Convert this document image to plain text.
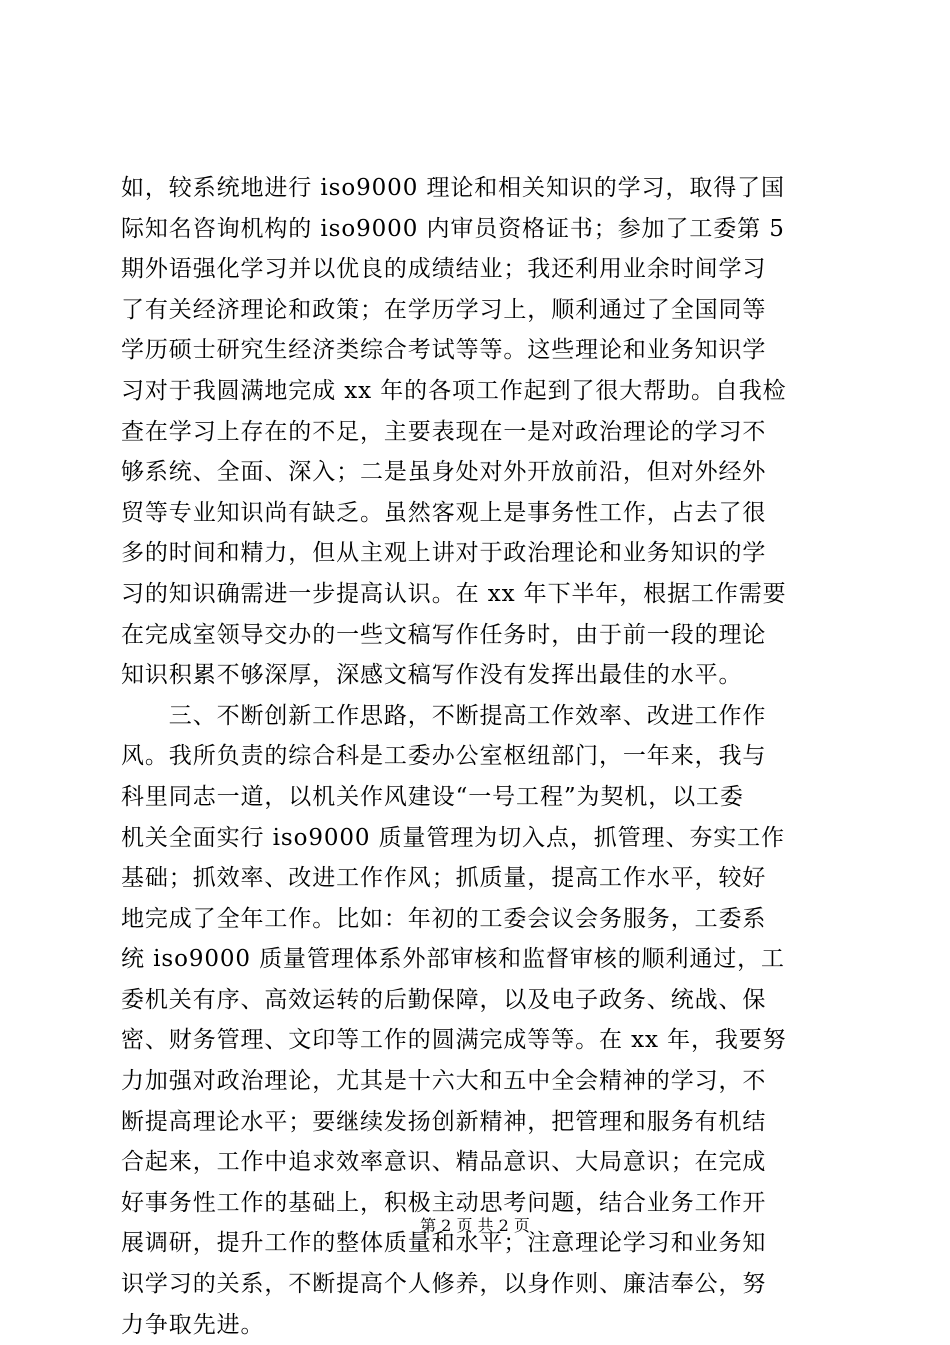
如，较系统地进行 iso9000 理论和相关知识的学习，取得了国
际知名咨询机构的 iso9000 内审员资格证书；参加了工委第 5
期外语强化学习并以优良的成绩结业；我还利用业余时间学习
了有关经济理论和政策；在学历学习上，顺利通过了全国同等
学历硕士研究生经济类综合考试等等。这些理论和业务知识学
习对于我圆满地完成 xx 年的各项工作起到了很大帮助。自我检
查在学习上存在的不足，主要表现在一是对政治理论的学习不
够系统、全面、深入；二是虽身处对外开放前沿，但对外经外
贸等专业知识尚有缺乏。虽然客观上是事务性工作，占去了很
多的时间和精力，但从主观上讲对于政治理论和业务知识的学
习的知识确需进一步提高认识。在 xx 年下半年，根据工作需要
在完成室领导交办的一些文稿写作任务时，由于前一段的理论
知识积累不够深厚，深感文稿写作没有发挥出最佳的水平。
　　三、不断创新工作思路，不断提高工作效率、改进工作作
风。我所负责的综合科是工委办公室枢纽部门，一年来，我与
科里同志一道，以机关作风建设“一号工程”为契机，以工委
机关全面实行 iso9000 质量管理为切入点，抓管理、夯实工作
基础；抓效率、改进工作作风；抓质量，提高工作水平，较好
地完成了全年工作。比如：年初的工委会议会务服务，工委系
统 iso9000 质量管理体系外部审核和监督审核的顺利通过，工
委机关有序、高效运转的后勤保障，以及电子政务、统战、保
密、财务管理、文印等工作的圆满完成等等。在 xx 年，我要努
力加强对政治理论，尤其是十六大和五中全会精神的学习，不
断提高理论水平；要继续发扬创新精神，把管理和服务有机结
合起来，工作中追求效率意识、精品意识、大局意识；在完成
好事务性工作的基础上，积极主动思考问题，结合业务工作开
展调研，提升工作的整体质量和水平；注意理论学习和业务知
识学习的关系，不断提高个人修养，以身作则、廉洁奉公，努
力争取先进。
第 2 页 共 2 页
